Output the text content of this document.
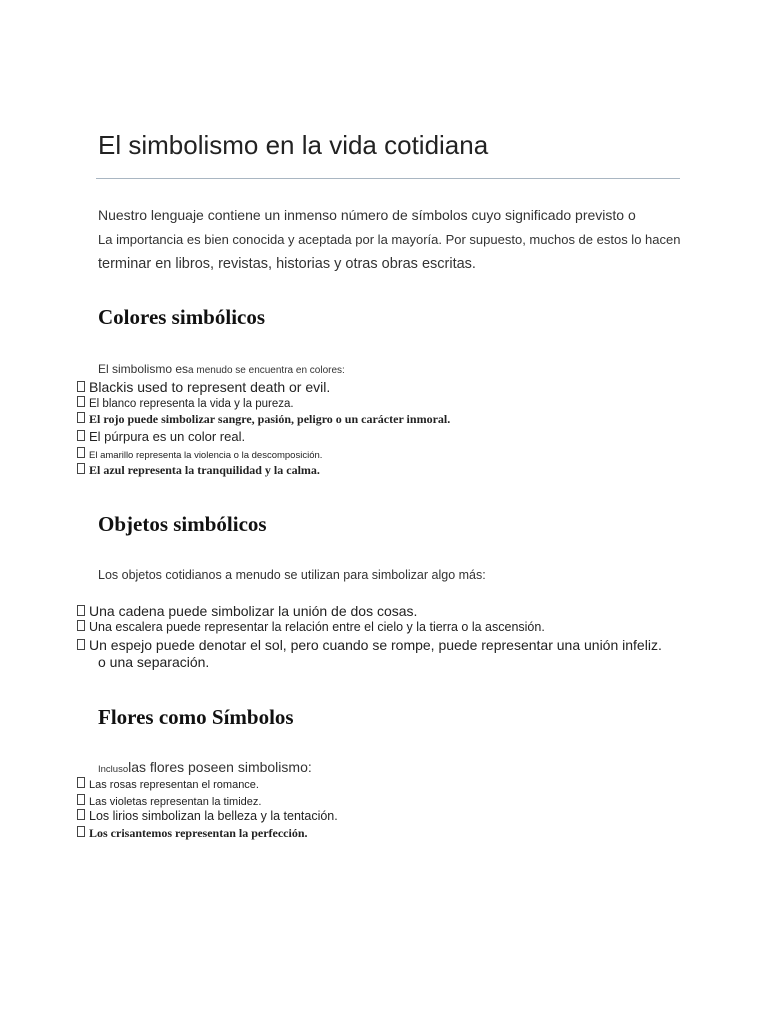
El simbolismo en la vida cotidiana
Nuestro lenguaje contiene un inmenso número de símbolos cuyo significado previsto o
La importancia es bien conocida y aceptada por la mayoría. Por supuesto, muchos de estos lo hacen
terminar en libros, revistas, historias y otras obras escritas.
Colores simbólicos
El simbolismo esa menudo se encuentra en colores:
Blackis used to represent death or evil.
El blanco representa la vida y la pureza.
El rojo puede simbolizar sangre, pasión, peligro o un carácter inmoral.
El púrpura es un color real.
El amarillo representa la violencia o la descomposición.
El azul representa la tranquilidad y la calma.
Objetos simbólicos
Los objetos cotidianos a menudo se utilizan para simbolizar algo más:
Una cadena puede simbolizar la unión de dos cosas.
Una escalera puede representar la relación entre el cielo y la tierra o la ascensión.
Un espejo puede denotar el sol, pero cuando se rompe, puede representar una unión infeliz.
o una separación.
Flores como Símbolos
Inclusolas flores poseen simbolismo:
Las rosas representan el romance.
Las violetas representan la timidez.
Los lirios simbolizan la belleza y la tentación.
Los crisantemos representan la perfección.
